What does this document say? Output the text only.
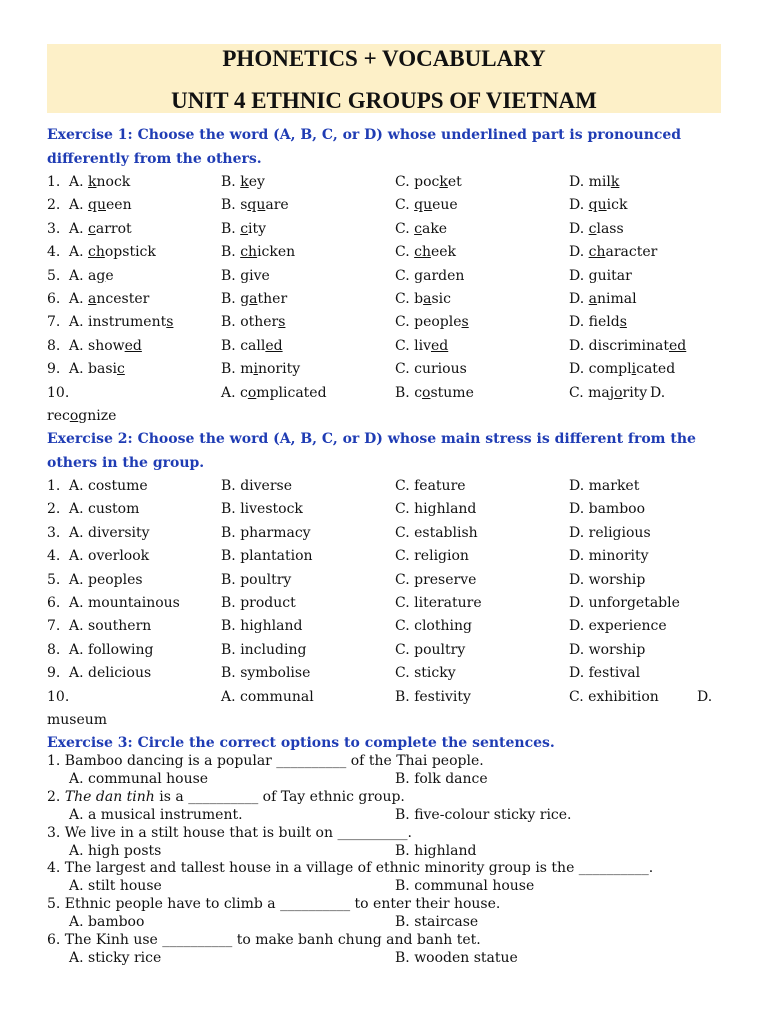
PHONETICS + VOCABULARY
UNIT 4 ETHNIC GROUPS OF VIETNAM
Exercise 1: Choose the word (A, B, C, or D) whose underlined part is pronounced differently from the others.
1. A. knock	B. key	C. pocket	D. milk
2. A. queen	B. square	C. queue	D. quick
3. A. carrot	B. city	C. cake	D. class
4. A. chopstick	B. chicken	C. cheek	D. character
5. A. age	B. give	C. garden	D. guitar
6. A. ancester	B. gather	C. basic	D. animal
7. A. instruments	B. others	C. peoples	D. fields
8. A. showed	B. called	C. lived	D. discriminated
9. A. basic	B. minority	C. curious	D. complicated
10.	A. complicated	B. costume	C. majority D.
recognize
Exercise 2: Choose the word (A, B, C, or D) whose main stress is different from the others in the group.
1. A. costume	B. diverse	C. feature	D. market
2. A. custom	B. livestock	C. highland	D. bamboo
3. A. diversity	B. pharmacy	C. establish	D. religious
4. A. overlook	B. plantation	C. religion	D. minority
5. A. peoples	B. poultry	C. preserve	D. worship
6. A. mountainous	B. product	C. literature	D. unforgetable
7. A. southern	B. highland	C. clothing	D. experience
8. A. following	B. including	C. poultry	D. worship
9. A. delicious	B. symbolise	C. sticky	D. festival
10.	A. communal	B. festivity	C. exhibition	D.
museum
Exercise 3: Circle the correct options to complete the sentences.
1. Bamboo dancing is a popular __________ of the Thai people.
A. communal house	B. folk dance
2. The dan tinh is a __________ of Tay ethnic group.
A. a musical instrument.	B. five-colour sticky rice.
3. We live in a stilt house that is built on __________.
A. high posts	B. highland
4. The largest and tallest house in a village of ethnic minority group is the __________.
A. stilt house	B. communal house
5. Ethnic people have to climb a __________ to enter their house.
A. bamboo	B. staircase
6. The Kinh use __________ to make banh chung and banh tet.
A. sticky rice	B. wooden statue
